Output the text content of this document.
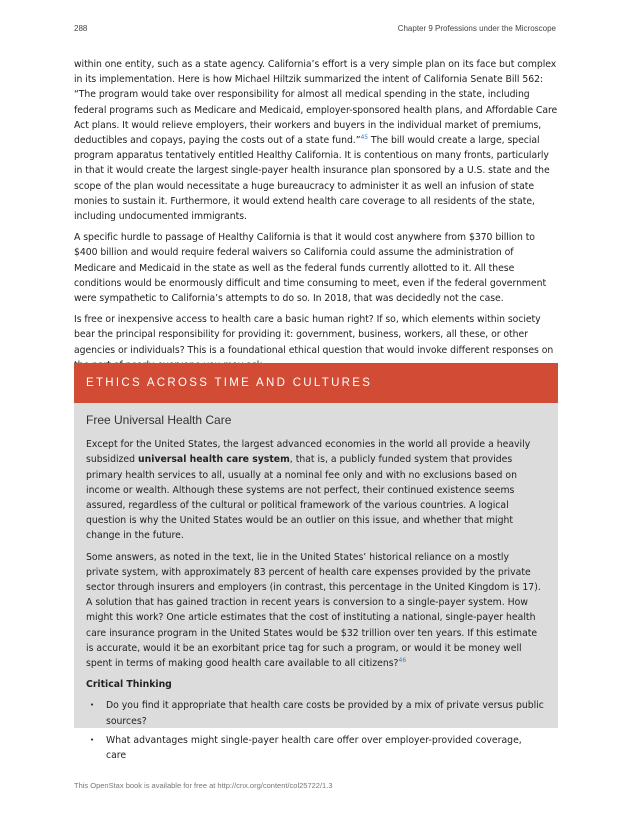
288	Chapter 9 Professions under the Microscope

within one entity, such as a state agency. California’s effort is a very simple plan on its face but complex in its implementation. Here is how Michael Hiltzik summarized the intent of California Senate Bill 562: “The program would take over responsibility for almost all medical spending in the state, including federal programs such as Medicare and Medicaid, employer-sponsored health plans, and Affordable Care Act plans. It would relieve employers, their workers and buyers in the individual market of premiums, deductibles and copays, paying the costs out of a state fund.”$^{45}$ The bill would create a large, special program apparatus tentatively entitled Healthy California. It is contentious on many fronts, particularly in that it would create the largest single-payer health insurance plan sponsored by a U.S. state and the scope of the plan would necessitate a huge bureaucracy to administer it as well an infusion of state monies to sustain it. Furthermore, it would extend health care coverage to all residents of the state, including undocumented immigrants.

A specific hurdle to passage of Healthy California is that it would cost anywhere from $370 billion to $400 billion and would require federal waivers so California could assume the administration of Medicare and Medicaid in the state as well as the federal funds currently allotted to it. All these conditions would be enormously difficult and time consuming to meet, even if the federal government were sympathetic to California’s attempts to do so. In 2018, that was decidedly not the case.

Is free or inexpensive access to health care a basic human right? If so, which elements within society bear the principal responsibility for providing it: government, business, workers, all these, or other agencies or individuals? This is a foundational ethical question that would invoke different responses on

ETHICS ACROSS TIME AND CULTURES
Free Universal Health Care

Except for the United States, the largest advanced economies in the world all provide a heavily subsidized universal health care system, that is, a publicly funded system that provides primary health services to all, usually at a nominal fee only and with no exclusions based on income or wealth. Although these systems are not perfect, their continued existence seems assured, regardless of the cultural or political framework of the various countries. A logical question is why the United States would be an outlier on this issue, and whether that might change in the future.

Some answers, as noted in the text, lie in the United States’ historical reliance on a mostly private system, with approximately 83 percent of health care expenses provided by the private sector through insurers and employers (in contrast, this percentage in the United Kingdom is 17). A solution that has gained traction in recent years is conversion to a single-payer system. How might this work? One article estimates that the cost of instituting a national, single-payer health care insurance program in the United States would be $32 trillion over ten years. If this estimate is accurate, would it be an exorbitant price tag for such a program, or would it be money well spent in terms of making good health care available to all citizens?$^{46}$

Critical Thinking
• Do you find it appropriate that health care costs be provided by a mix of private versus public sources?
• What advantages might single-payer health care offer over employer-provided coverage, care
This OpenStax book is available for free at http://cnx.org/content/col25722/1.3
